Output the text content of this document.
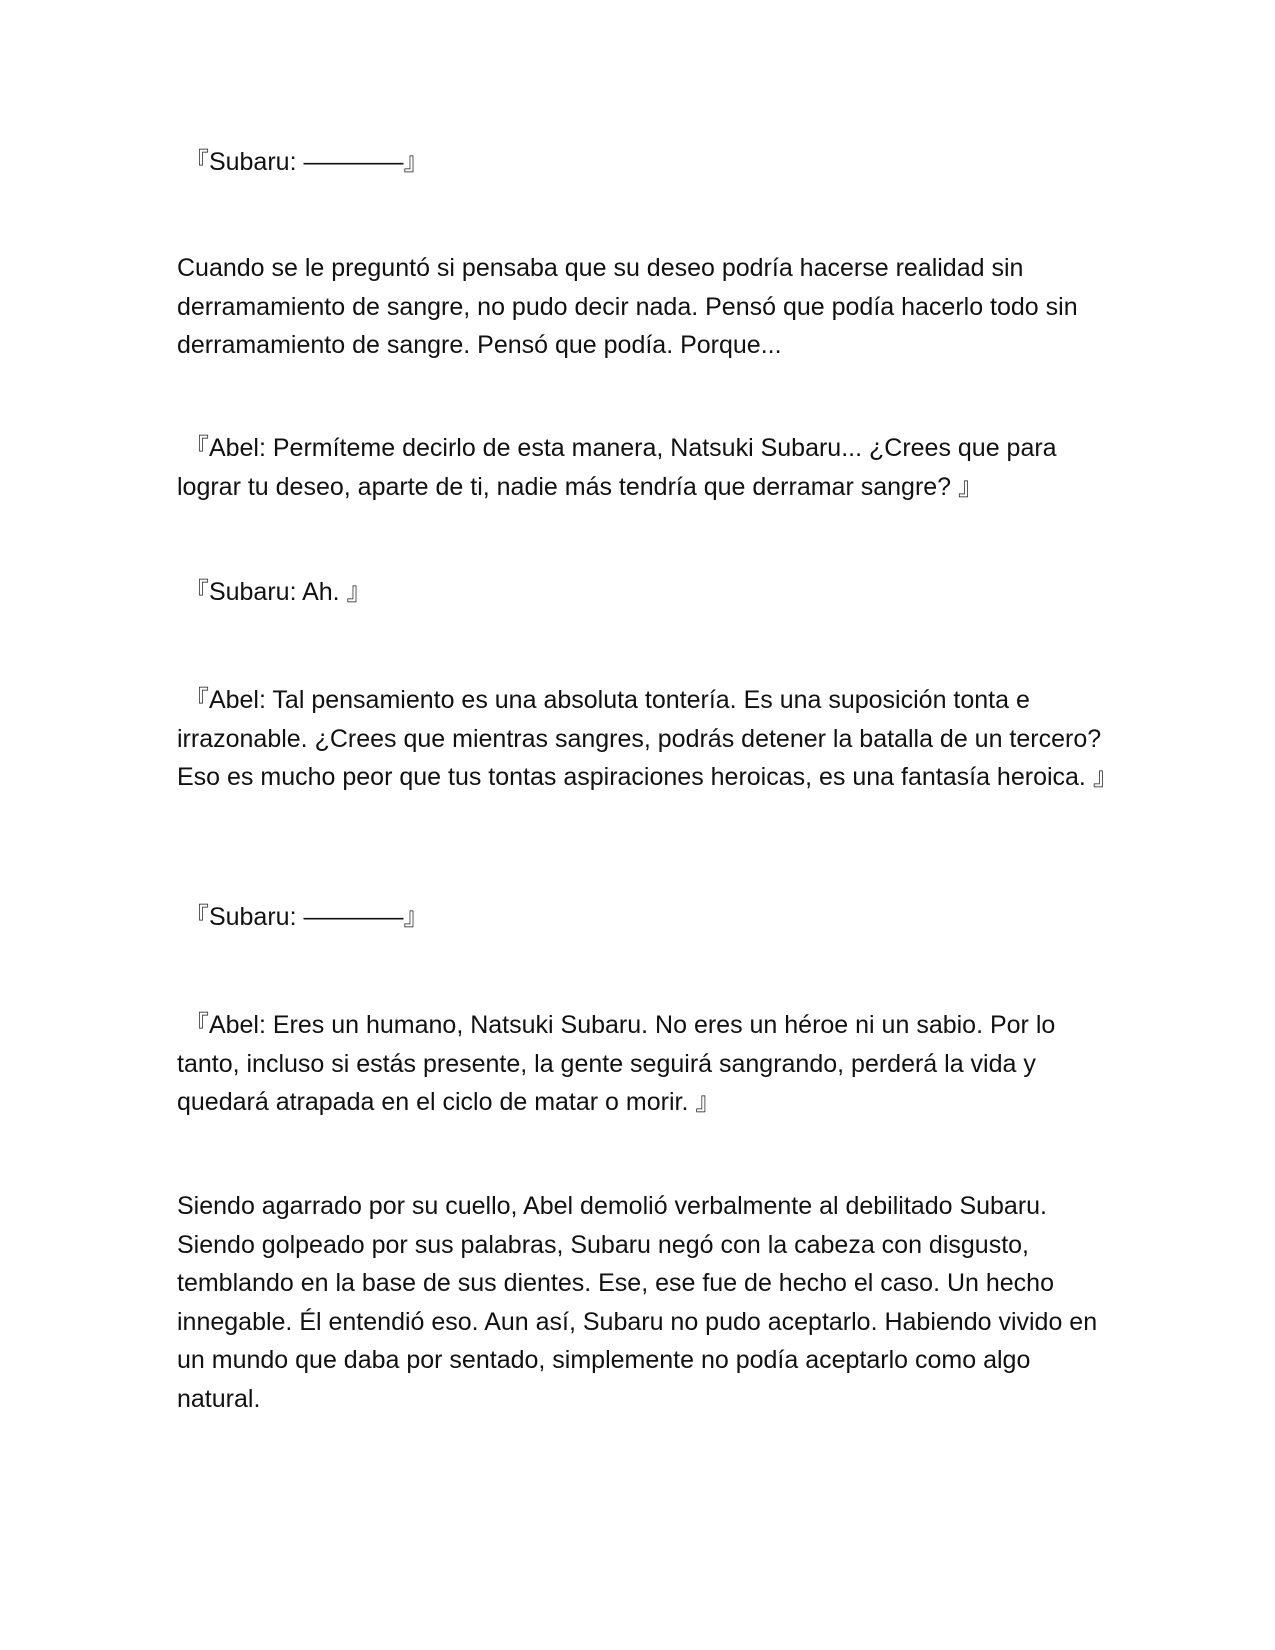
『Subaru: ————』

Cuando se le preguntó si pensaba que su deseo podría hacerse realidad sin derramamiento de sangre, no pudo decir nada. Pensó que podía hacerlo todo sin derramamiento de sangre. Pensó que podía. Porque...

『Abel: Permíteme decirlo de esta manera, Natsuki Subaru... ¿Crees que para lograr tu deseo, aparte de ti, nadie más tendría que derramar sangre? 』

『Subaru: Ah. 』

『Abel: Tal pensamiento es una absoluta tontería. Es una suposición tonta e irrazonable. ¿Crees que mientras sangres, podrás detener la batalla de un tercero? Eso es mucho peor que tus tontas aspiraciones heroicas, es una fantasía heroica. 』

『Subaru: ————』

『Abel: Eres un humano, Natsuki Subaru. No eres un héroe ni un sabio. Por lo tanto, incluso si estás presente, la gente seguirá sangrando, perderá la vida y quedará atrapada en el ciclo de matar o morir. 』

Siendo agarrado por su cuello, Abel demolió verbalmente al debilitado Subaru. Siendo golpeado por sus palabras, Subaru negó con la cabeza con disgusto, temblando en la base de sus dientes. Ese, ese fue de hecho el caso. Un hecho innegable. Él entendió eso. Aun así, Subaru no pudo aceptarlo. Habiendo vivido en un mundo que daba por sentado, simplemente no podía aceptarlo como algo natural.
